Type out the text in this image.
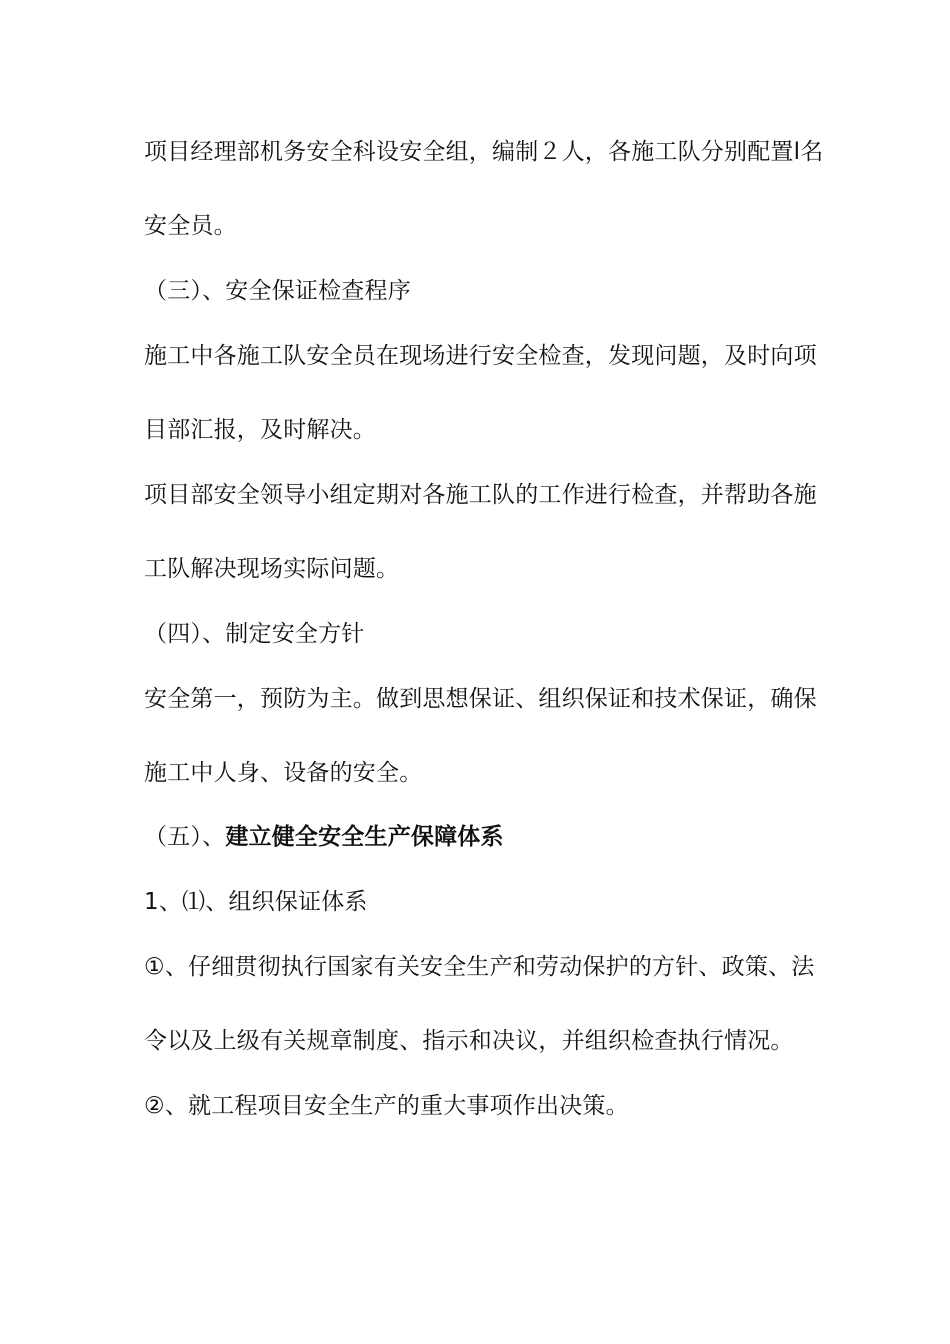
项目经理部机务安全科设安全组，编制２人，各施工队分别配置l名
安全员。
（三）、安全保证检查程序
施工中各施工队安全员在现场进行安全检查，发现问题，及时向项
目部汇报，及时解决。
项目部安全领导小组定期对各施工队的工作进行检查，并帮助各施
工队解决现场实际问题。
（四）、制定安全方针
安全第一，预防为主。做到思想保证、组织保证和技术保证，确保
施工中人身、设备的安全。
（五）、建立健全安全生产保障体系
1、⑴、组织保证体系
①、仔细贯彻执行国家有关安全生产和劳动保护的方针、政策、法
令以及上级有关规章制度、指示和决议，并组织检查执行情况。
②、就工程项目安全生产的重大事项作出决策。
